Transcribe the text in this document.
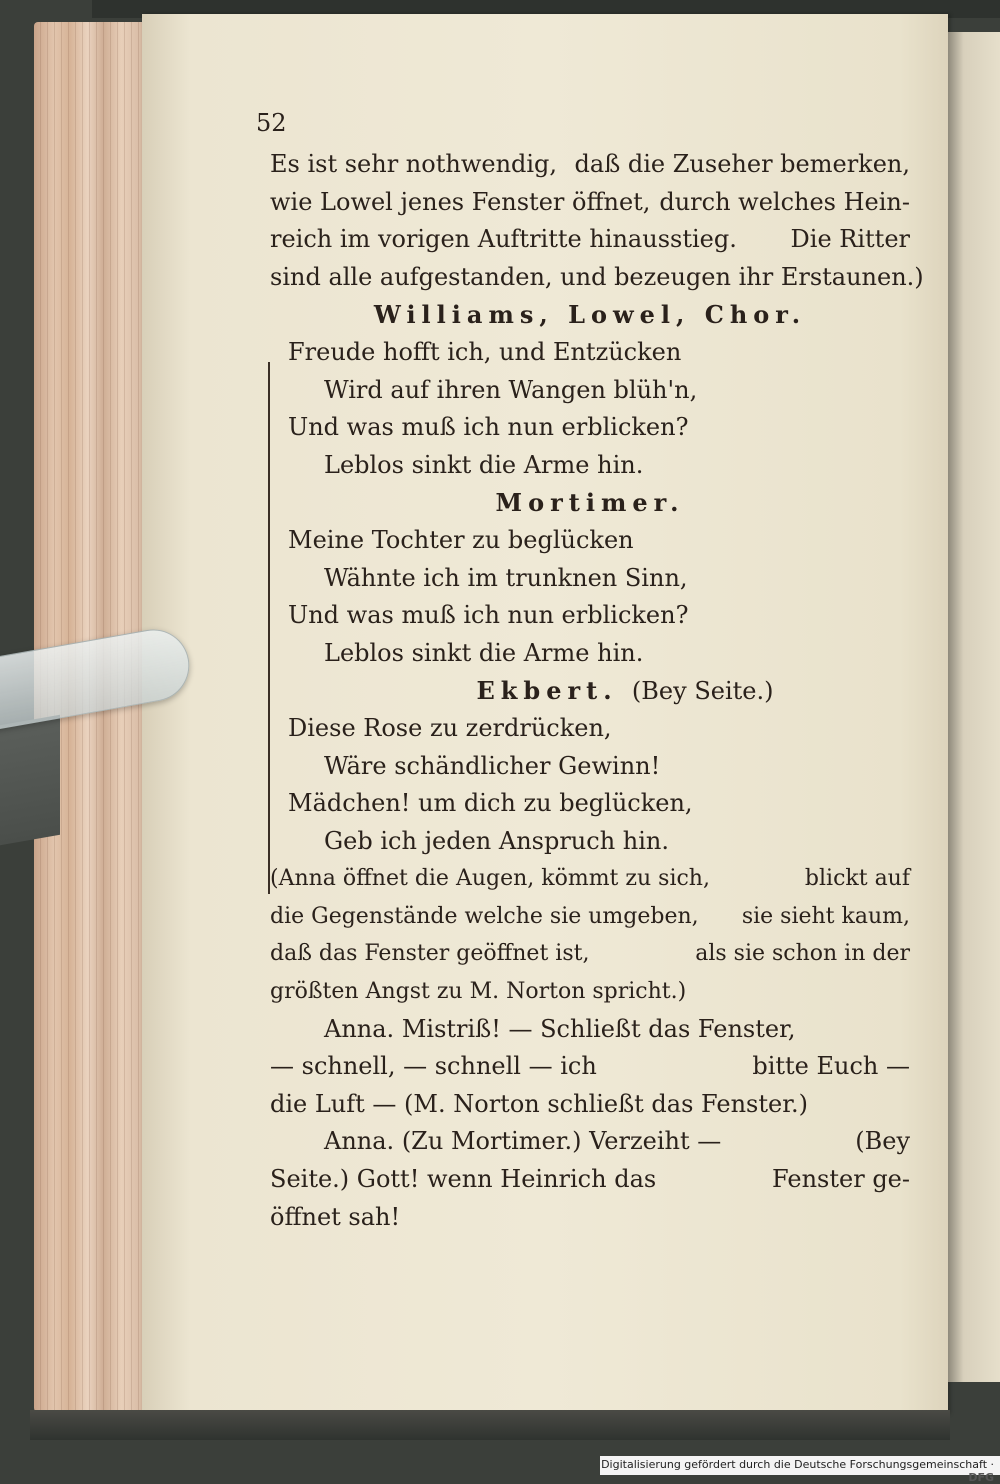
52
Es ist sehr nothwendig, daß die Zuseher bemerken,
wie Lowel jenes Fenster öffnet, durch welches Hein-
reich im vorigen Auftritte hinausstieg. Die Ritter
sind alle aufgestanden, und bezeugen ihr Erstaunen.)
Williams, Lowel, Chor.
Freude hofft ich, und Entzücken
Wird auf ihren Wangen blüh'n,
Und was muß ich nun erblicken?
Leblos sinkt die Arme hin.
Mortimer.
Meine Tochter zu beglücken
Wähnte ich im trunknen Sinn,
Und was muß ich nun erblicken?
Leblos sinkt die Arme hin.
Ekbert. (Bey Seite.)
Diese Rose zu zerdrücken,
Wäre schändlicher Gewinn!
Mädchen! um dich zu beglücken,
Geb ich jeden Anspruch hin.
(Anna öffnet die Augen, kömmt zu sich,	blickt auf
die Gegenstände welche sie umgeben, sie sieht kaum,
daß das Fenster geöffnet ist,	als sie schon in der
größten Angst zu M. Norton spricht.)
Anna. Mistriß! — Schließt das Fenster,
— schnell, — schnell — ich	bitte Euch —
die Luft — (M. Norton schließt das Fenster.)
Anna. (Zu Mortimer.) Verzeiht —	(Bey
Seite.) Gott! wenn Heinrich das	Fenster ge-
öffnet sah!
Digitalisierung gefördert durch die Deutsche Forschungsgemeinschaft · DFG
